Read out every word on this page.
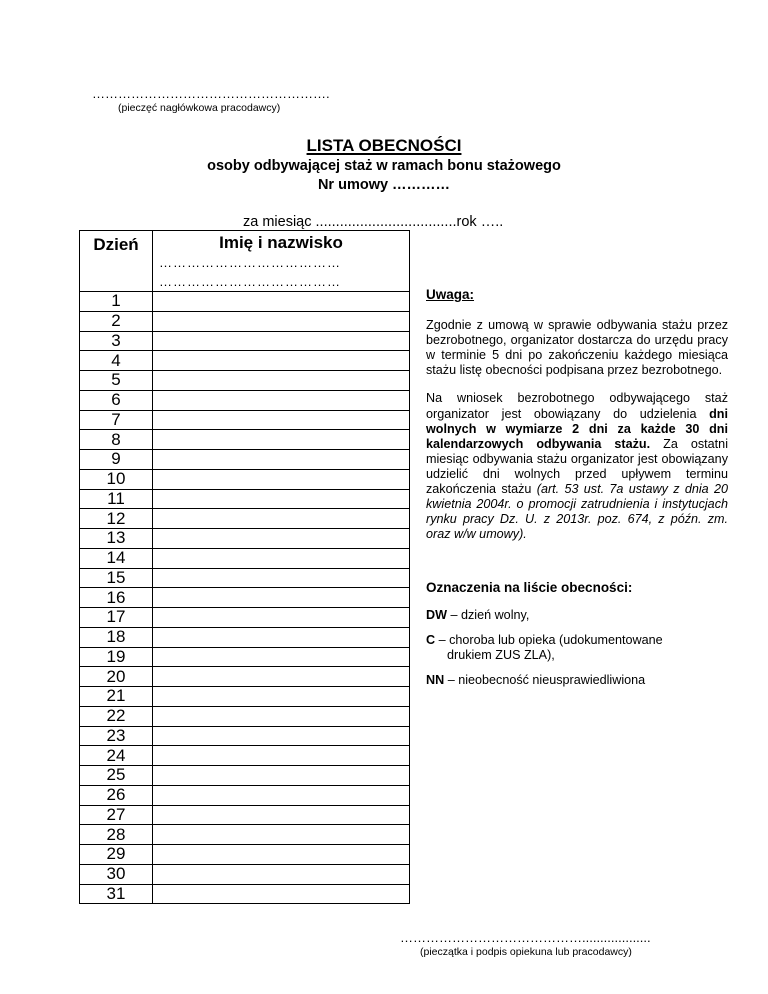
……………………………………………….
(pieczęć nagłówkowa pracodawcy)
LISTA OBECNOŚCI
osoby odbywającej staż w ramach bonu stażowego
Nr umowy …………
za miesiąc ...................................rok …..
Dzień	Imię i nazwisko
…………………………………
…………………………………

1	
2	
3	
4	
5	
6	
7	
8	
9	
10	
11	
12	
13	
14	
15	
16	
17	
18	
19	
20	
21	
22	
23	
24	
25	
26	
27	
28	
29	
30	
31	

Uwaga:

Zgodnie z umową w sprawie odbywania stażu przez bezrobotnego, organizator dostarcza do urzędu pracy w terminie 5 dni po zakończeniu każdego miesiąca stażu listę obecności podpisana przez bezrobotnego.

Na wniosek bezrobotnego odbywającego staż organizator jest obowiązany do udzielenia dni wolnych w wymiarze 2 dni za każde 30 dni kalendarzowych odbywania stażu. Za ostatni miesiąc odbywania stażu organizator jest obowiązany udzielić dni wolnych przed upływem terminu zakończenia stażu (art. 53 ust. 7a ustawy z dnia 20 kwietnia 2004r. o promocji zatrudnienia i instytucjach rynku pracy Dz. U. z 2013r. poz. 674, z późn. zm. oraz w/w umowy).

Oznaczenia na liście obecności:

DW – dzień wolny,

C – choroba lub opieka (udokumentowane
drukiem ZUS ZLA),

NN – nieobecność nieusprawiedliwiona

……………………………………...................
(pieczątka i podpis opiekuna lub pracodawcy)
